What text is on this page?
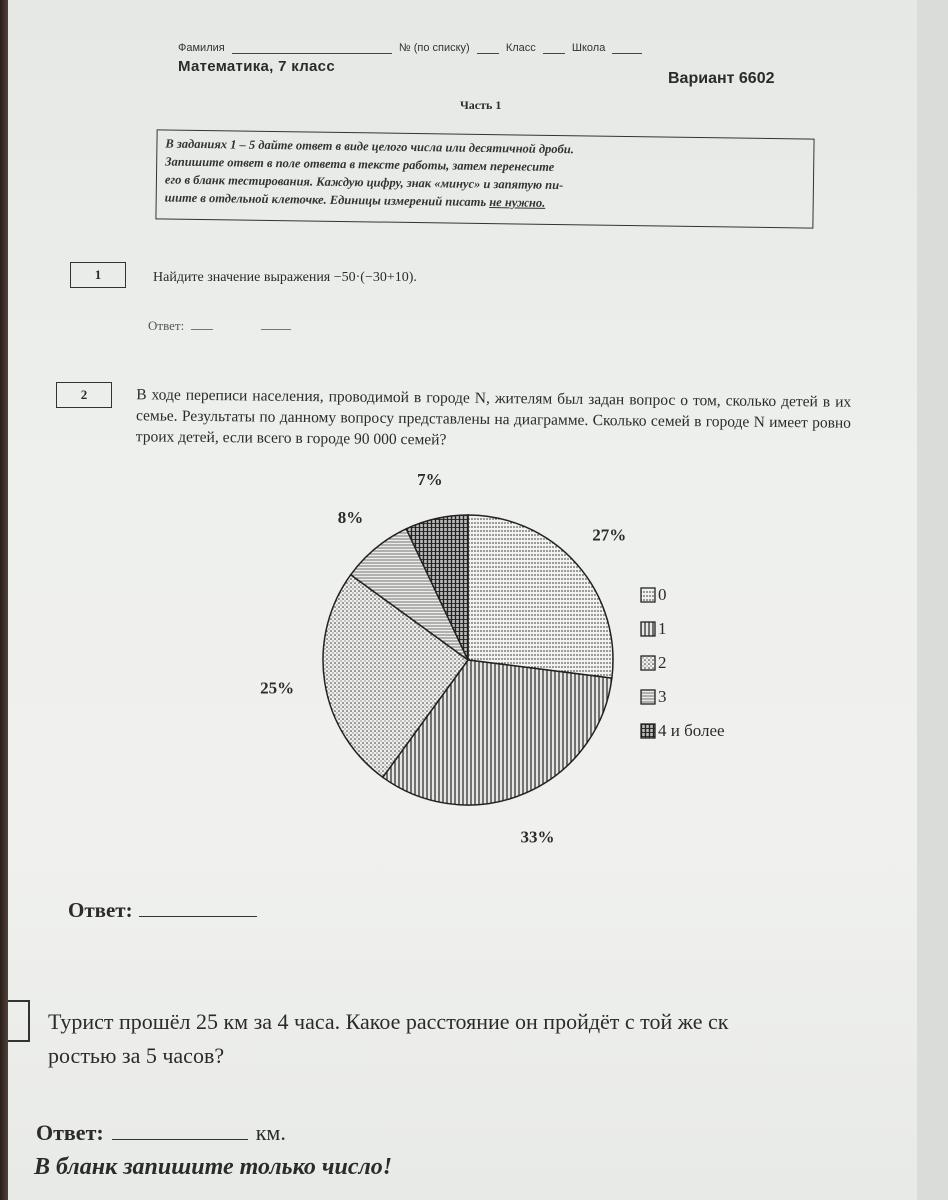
Фамилия	№ (по списку)	Класс	Школа
Математика, 7 класс
Вариант 6602
Часть 1
В заданиях 1 – 5 дайте ответ в виде целого числа или десятичной дроби.
Запишите ответ в поле ответа в тексте работы, затем перенесите
его в бланк тестирования. Каждую цифру, знак «минус» и запятую пи-
шите в отдельной клеточке. Единицы измерений писать не нужно.
1	Найдите значение выражения −50·(−30+10).
Ответ:
2	В ходе переписи населения, проводимой в городе N, жителям был задан вопрос о том, сколько детей в их семье. Результаты по данному вопросу представлены на диаграмме. Сколько семей в городе N имеет ровно троих детей, если всего в городе 90 000 семей?
27%
33%
25%
8%
7%
0
1
2
3
4 и более
Ответ:
Турист прошёл 25 км за 4 часа. Какое расстояние он пройдёт с той же ск
ростью за 5 часов?
Ответ:	км.
В бланк запишите только число!
